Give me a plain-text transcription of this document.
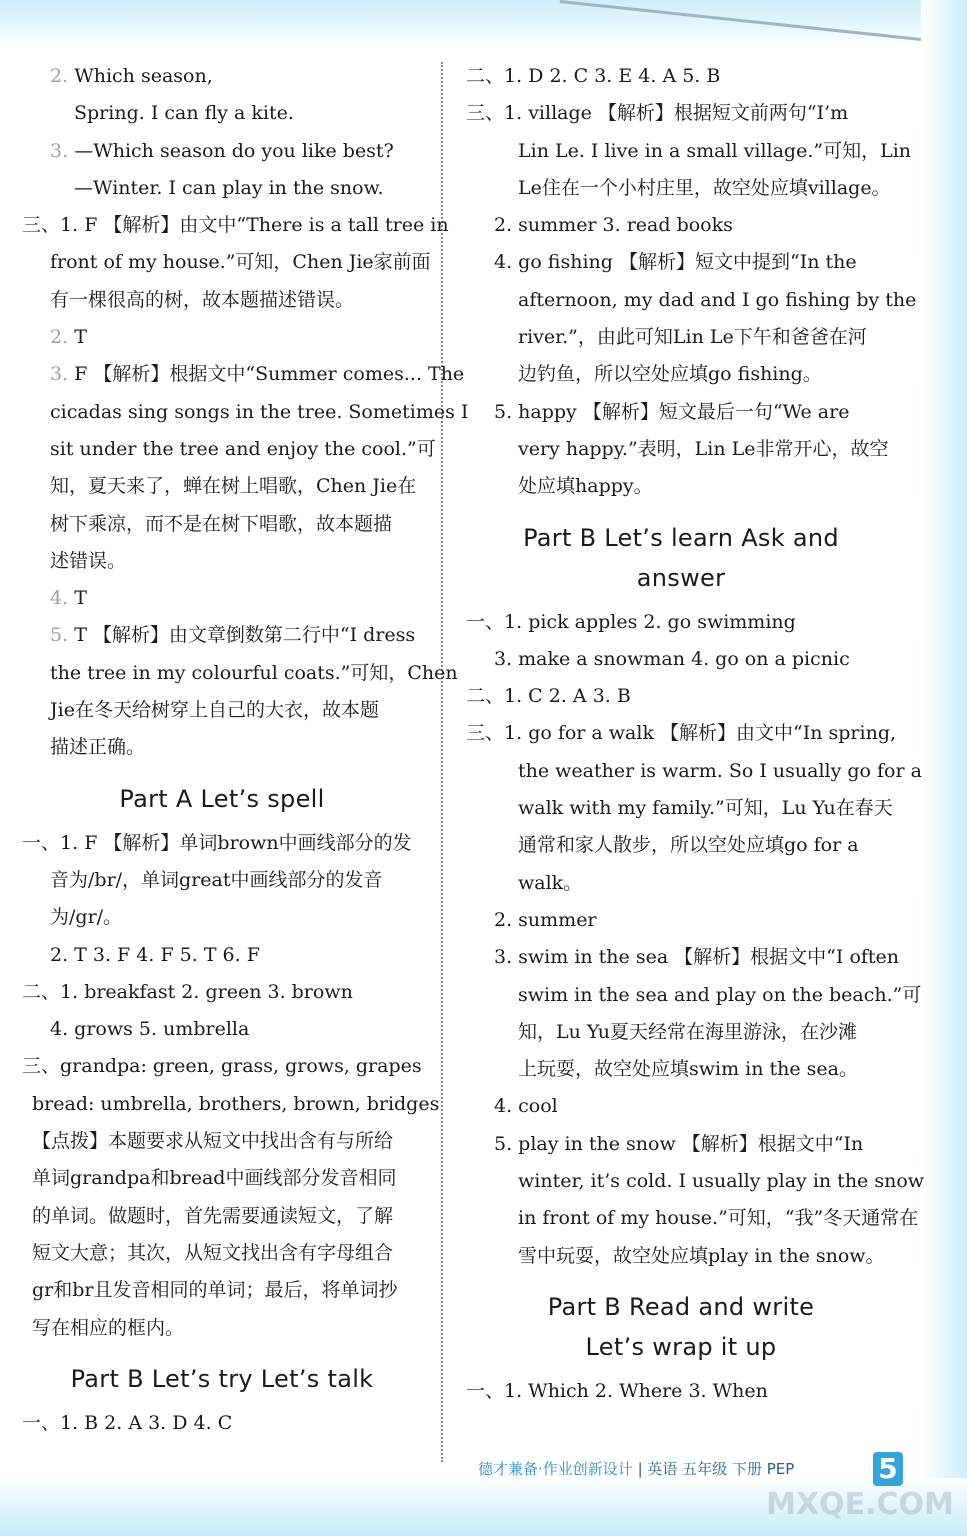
2. Which season,
Spring. I can fly a kite.
3. —Which season do you like best?
—Winter. I can play in the snow.
三、1. F 【解析】由文中“There is a tall tree in
front of my house.”可知，Chen Jie家前面
有一棵很高的树，故本题描述错误。
2. T
3. F 【解析】根据文中“Summer comes... The
cicadas sing songs in the tree. Sometimes I
sit under the tree and enjoy the cool.”可
知，夏天来了，蝉在树上唱歌，Chen Jie在
树下乘凉，而不是在树下唱歌，故本题描
述错误。
4. T
5. T 【解析】由文章倒数第二行中“I dress
the tree in my colourful coats.”可知，Chen
Jie在冬天给树穿上自己的大衣，故本题
描述正确。
Part A Let’s spell
一、1. F 【解析】单词brown中画线部分的发
音为/br/，单词great中画线部分的发音
为/gr/。
2. T 3. F 4. F 5. T 6. F
二、1. breakfast 2. green 3. brown
4. grows 5. umbrella
三、grandpa: green, grass, grows, grapes
bread: umbrella, brothers, brown, bridges
【点拨】本题要求从短文中找出含有与所给
单词grandpa和bread中画线部分发音相同
的单词。做题时，首先需要通读短文，了解
短文大意；其次，从短文找出含有字母组合
gr和br且发音相同的单词；最后，将单词抄
写在相应的框内。
Part B Let’s try Let’s talk
一、1. B 2. A 3. D 4. C
二、1. D 2. C 3. E 4. A 5. B
三、1. village 【解析】根据短文前两句“I’m
Lin Le. I live in a small village.”可知，Lin
Le住在一个小村庄里，故空处应填village。
2. summer 3. read books
4. go fishing 【解析】短文中提到“In the
afternoon, my dad and I go fishing by the
river.”，由此可知Lin Le下午和爸爸在河
边钓鱼，所以空处应填go fishing。
5. happy 【解析】短文最后一句“We are
very happy.”表明，Lin Le非常开心，故空
处应填happy。
Part B Let’s learn Ask and
answer
一、1. pick apples 2. go swimming
3. make a snowman 4. go on a picnic
二、1. C 2. A 3. B
三、1. go for a walk 【解析】由文中“In spring,
the weather is warm. So I usually go for a
walk with my family.”可知，Lu Yu在春天
通常和家人散步，所以空处应填go for a
walk。
2. summer
3. swim in the sea 【解析】根据文中“I often
swim in the sea and play on the beach.”可
知，Lu Yu夏天经常在海里游泳，在沙滩
上玩耍，故空处应填swim in the sea。
4. cool
5. play in the snow 【解析】根据文中“In
winter, it’s cold. I usually play in the snow
in front of my house.”可知，“我”冬天通常在
雪中玩耍，故空处应填play in the snow。
Part B Read and write
Let’s wrap it up
一、1. Which 2. Where 3. When
德才兼备·作业创新设计 | 英语 五年级 下册 PEP	5
MXQE.COM
